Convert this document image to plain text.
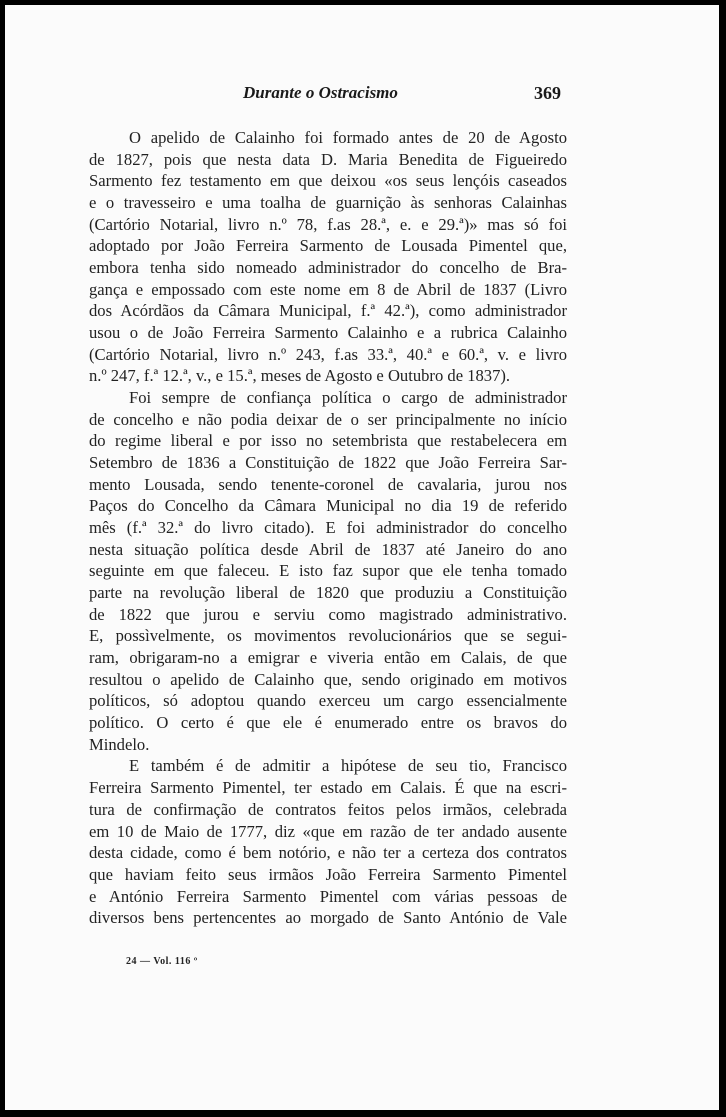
Durante o Ostracismo	369
O apelido de Calainho foi formado antes de 20 de Agosto
de 1827, pois que nesta data D. Maria Benedita de Figueiredo
Sarmento fez testamento em que deixou «os seus lençóis caseados
e o travesseiro e uma toalha de guarnição às senhoras Calainhas
(Cartório Notarial, livro n.º 78, f.as 28.ª, e. e 29.ª)» mas só foi
adoptado por João Ferreira Sarmento de Lousada Pimentel que,
embora tenha sido nomeado administrador do concelho de Bra-
gança e empossado com este nome em 8 de Abril de 1837 (Livro
dos Acórdãos da Câmara Municipal, f.ª 42.ª), como administrador
usou o de João Ferreira Sarmento Calainho e a rubrica Calainho
(Cartório Notarial, livro n.º 243, f.as 33.ª, 40.ª e 60.ª, v. e livro
n.º 247, f.ª 12.ª, v., e 15.ª, meses de Agosto e Outubro de 1837).
Foi sempre de confiança política o cargo de administrador
de concelho e não podia deixar de o ser principalmente no início
do regime liberal e por isso no setembrista que restabelecera em
Setembro de 1836 a Constituição de 1822 que João Ferreira Sar-
mento Lousada, sendo tenente-coronel de cavalaria, jurou nos
Paços do Concelho da Câmara Municipal no dia 19 de referido
mês (f.ª 32.ª do livro citado). E foi administrador do concelho
nesta situação política desde Abril de 1837 até Janeiro do ano
seguinte em que faleceu. E isto faz supor que ele tenha tomado
parte na revolução liberal de 1820 que produziu a Constituição
de 1822 que jurou e serviu como magistrado administrativo.
E, possìvelmente, os movimentos revolucionários que se segui-
ram, obrigaram-no a emigrar e viveria então em Calais, de que
resultou o apelido de Calainho que, sendo originado em motivos
políticos, só adoptou quando exerceu um cargo essencialmente
político. O certo é que ele é enumerado entre os bravos do
Mindelo.
E também é de admitir a hipótese de seu tio, Francisco
Ferreira Sarmento Pimentel, ter estado em Calais. É que na escri-
tura de confirmação de contratos feitos pelos irmãos, celebrada
em 10 de Maio de 1777, diz «que em razão de ter andado ausente
desta cidade, como é bem notório, e não ter a certeza dos contratos
que haviam feito seus irmãos João Ferreira Sarmento Pimentel
e António Ferreira Sarmento Pimentel com várias pessoas de
diversos bens pertencentes ao morgado de Santo António de Vale
24 — Vol. 116 º
